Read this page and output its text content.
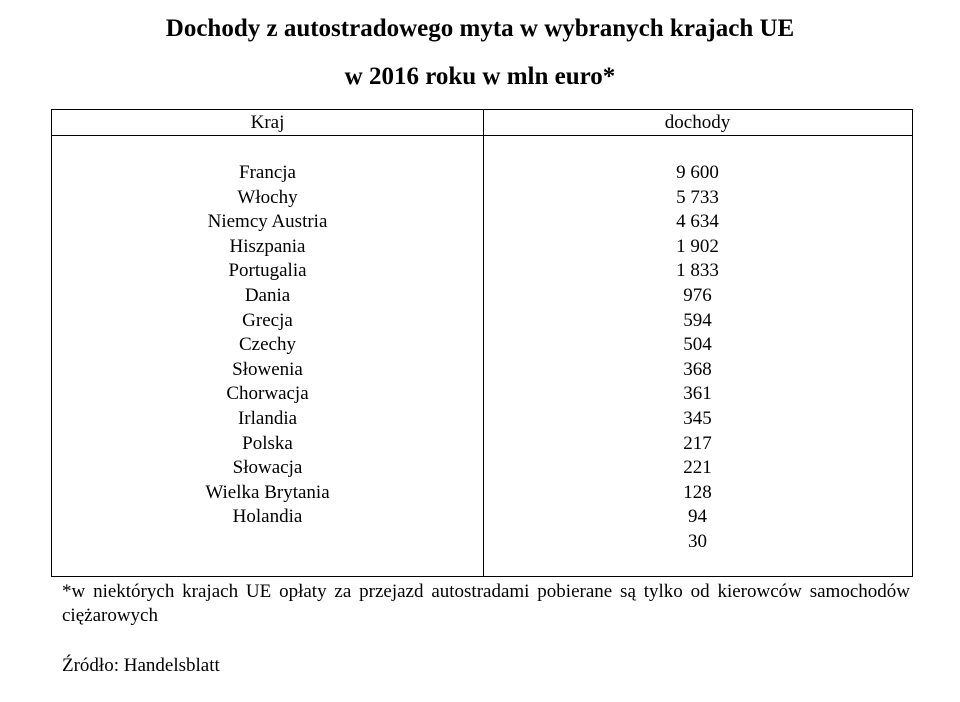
Dochody z autostradowego myta w wybranych krajach UE
w 2016 roku w mln euro*
Kraj	dochody
Francja
Włochy
Niemcy Austria
Hiszpania
Portugalia
Dania
Grecja
Czechy
Słowenia
Chorwacja
Irlandia
Polska
Słowacja
Wielka Brytania
Holandia
9 600
5 733
4 634
1 902
1 833
976
594
504
368
361
345
217
221
128
94
30
*w niektórych krajach UE opłaty za przejazd autostradami pobierane są tylko od kierowców samochodów ciężarowych
Źródło: Handelsblatt
